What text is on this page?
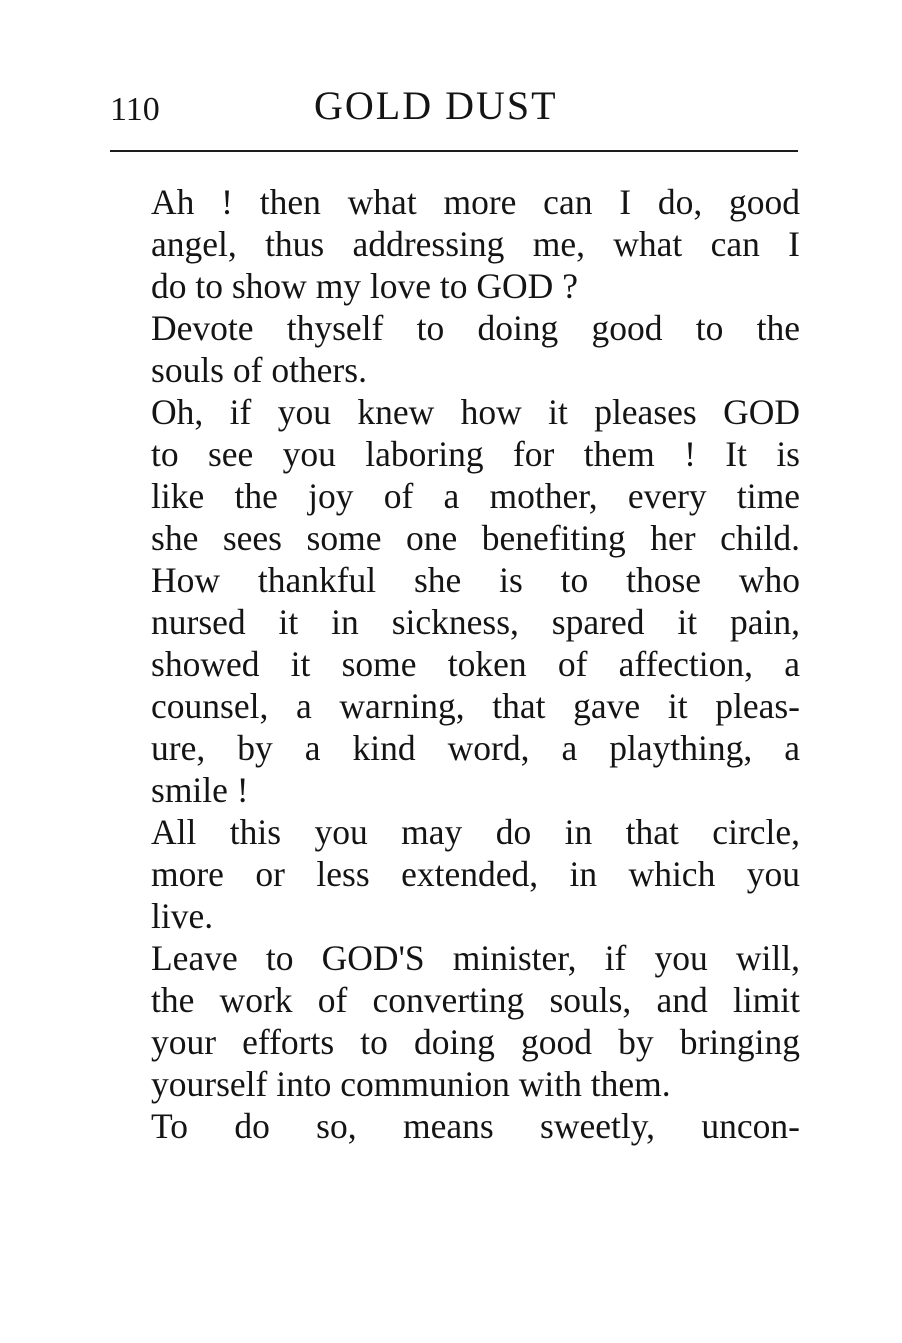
110	GOLD DUST
Ah ! then what more can I do, good
angel, thus addressing me, what can I
do to show my love to GOD ?
Devote thyself to doing good to the
souls of others.
Oh, if you knew how it pleases GOD
to see you laboring for them ! It is
like the joy of a mother, every time
she sees some one benefiting her child.
How thankful she is to those who
nursed it in sickness, spared it pain,
showed it some token of affection, a
counsel, a warning, that gave it pleas-
ure, by a kind word, a plaything, a
smile !
All this you may do in that circle,
more or less extended, in which you
live.
Leave to GOD'S minister, if you will,
the work of converting souls, and limit
your efforts to doing good by bringing
yourself into communion with them.
To do so, means sweetly, uncon-
